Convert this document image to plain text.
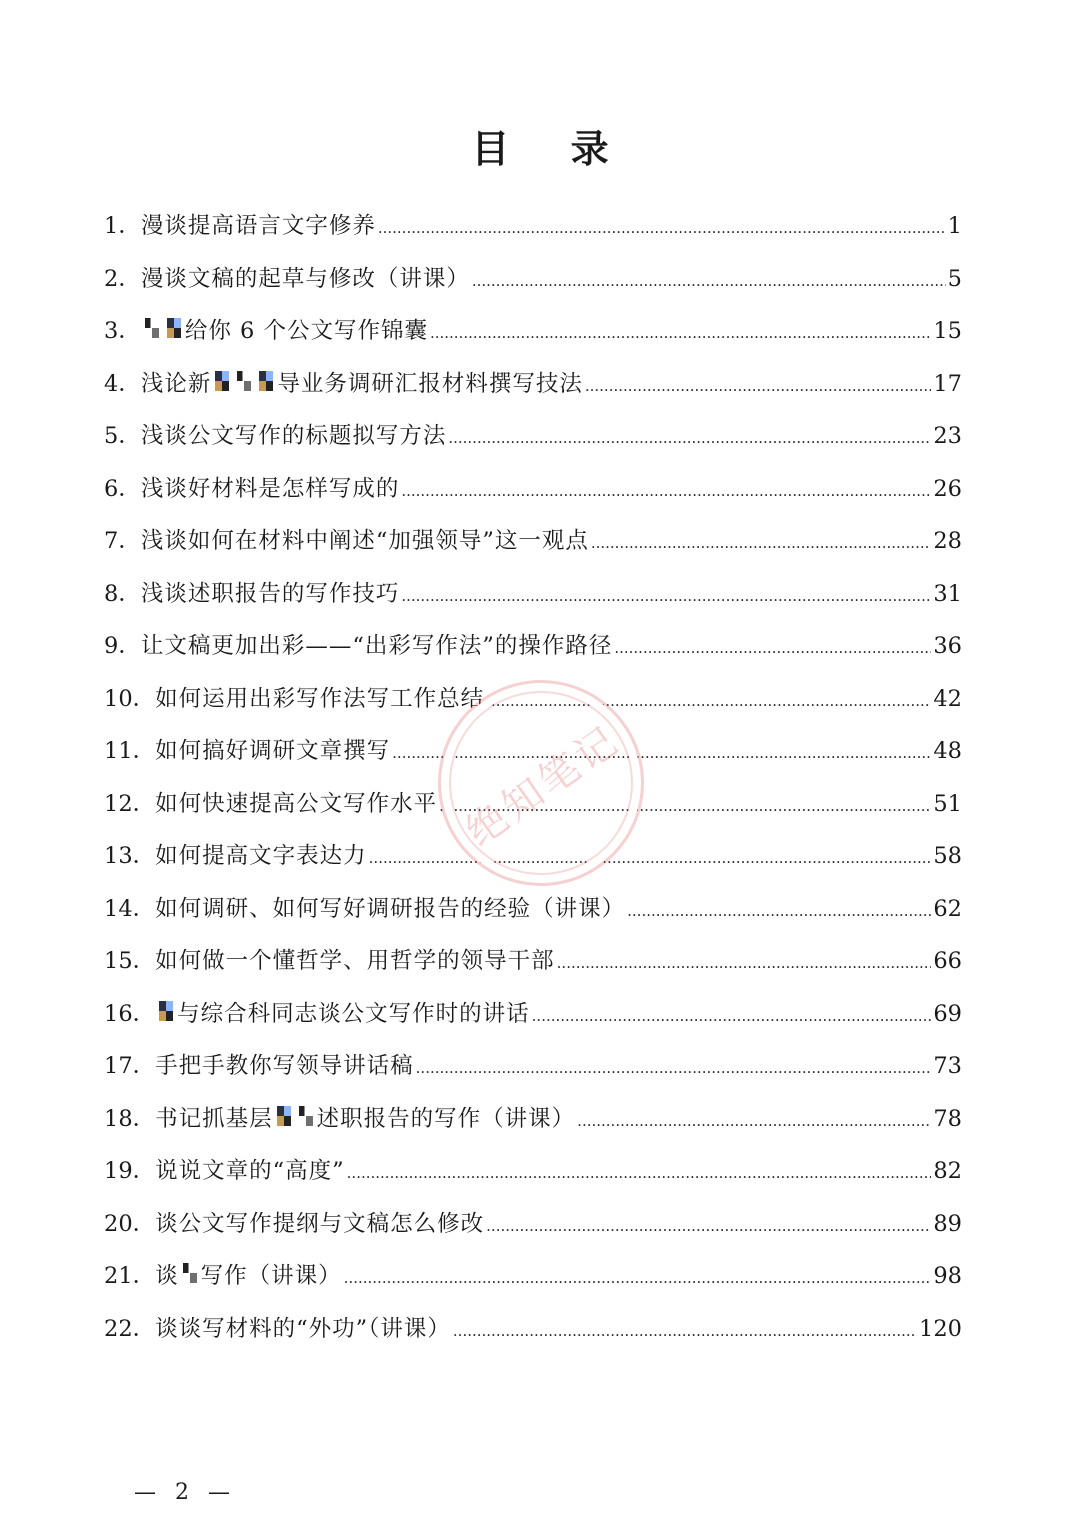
目 录
1． 漫谈提高语言文字修养 .....	1
2． 漫谈文稿的起草与修改（讲课） .....	5
3． 给你 6 个公文写作锦囊 .....	15
4． 浅论新	导业务调研汇报材料撰写技法 .....	17
5． 浅谈公文写作的标题拟写方法 .....	23
6． 浅谈好材料是怎样写成的 .....	26
7． 浅谈如何在材料中阐述“加强领导”这一观点 .....	28
8． 浅谈述职报告的写作技巧 .....	31
9． 让文稿更加出彩——“出彩写作法”的操作路径 .....	36
10． 如何运用出彩写作法写工作总结 .....	42
11． 如何搞好调研文章撰写 .....	48
12． 如何快速提高公文写作水平 .....	51
13． 如何提高文字表达力 .....	58
14． 如何调研、如何写好调研报告的经验（讲课） .....	62
15． 如何做一个懂哲学、用哲学的领导干部 .....	66
16． 与综合科同志谈公文写作时的讲话 .....	69
17． 手把手教你写领导讲话稿 .....	73
18． 书记抓基层 述职报告的写作（讲课） .....	78
19． 说说文章的“高度” .....	82
20． 谈公文写作提纲与文稿怎么修改 .....	89
21． 谈 写作（讲课） .....	98
22． 谈谈写材料的“外功”（讲课） .....	120
绝知笔记
— 2 —
